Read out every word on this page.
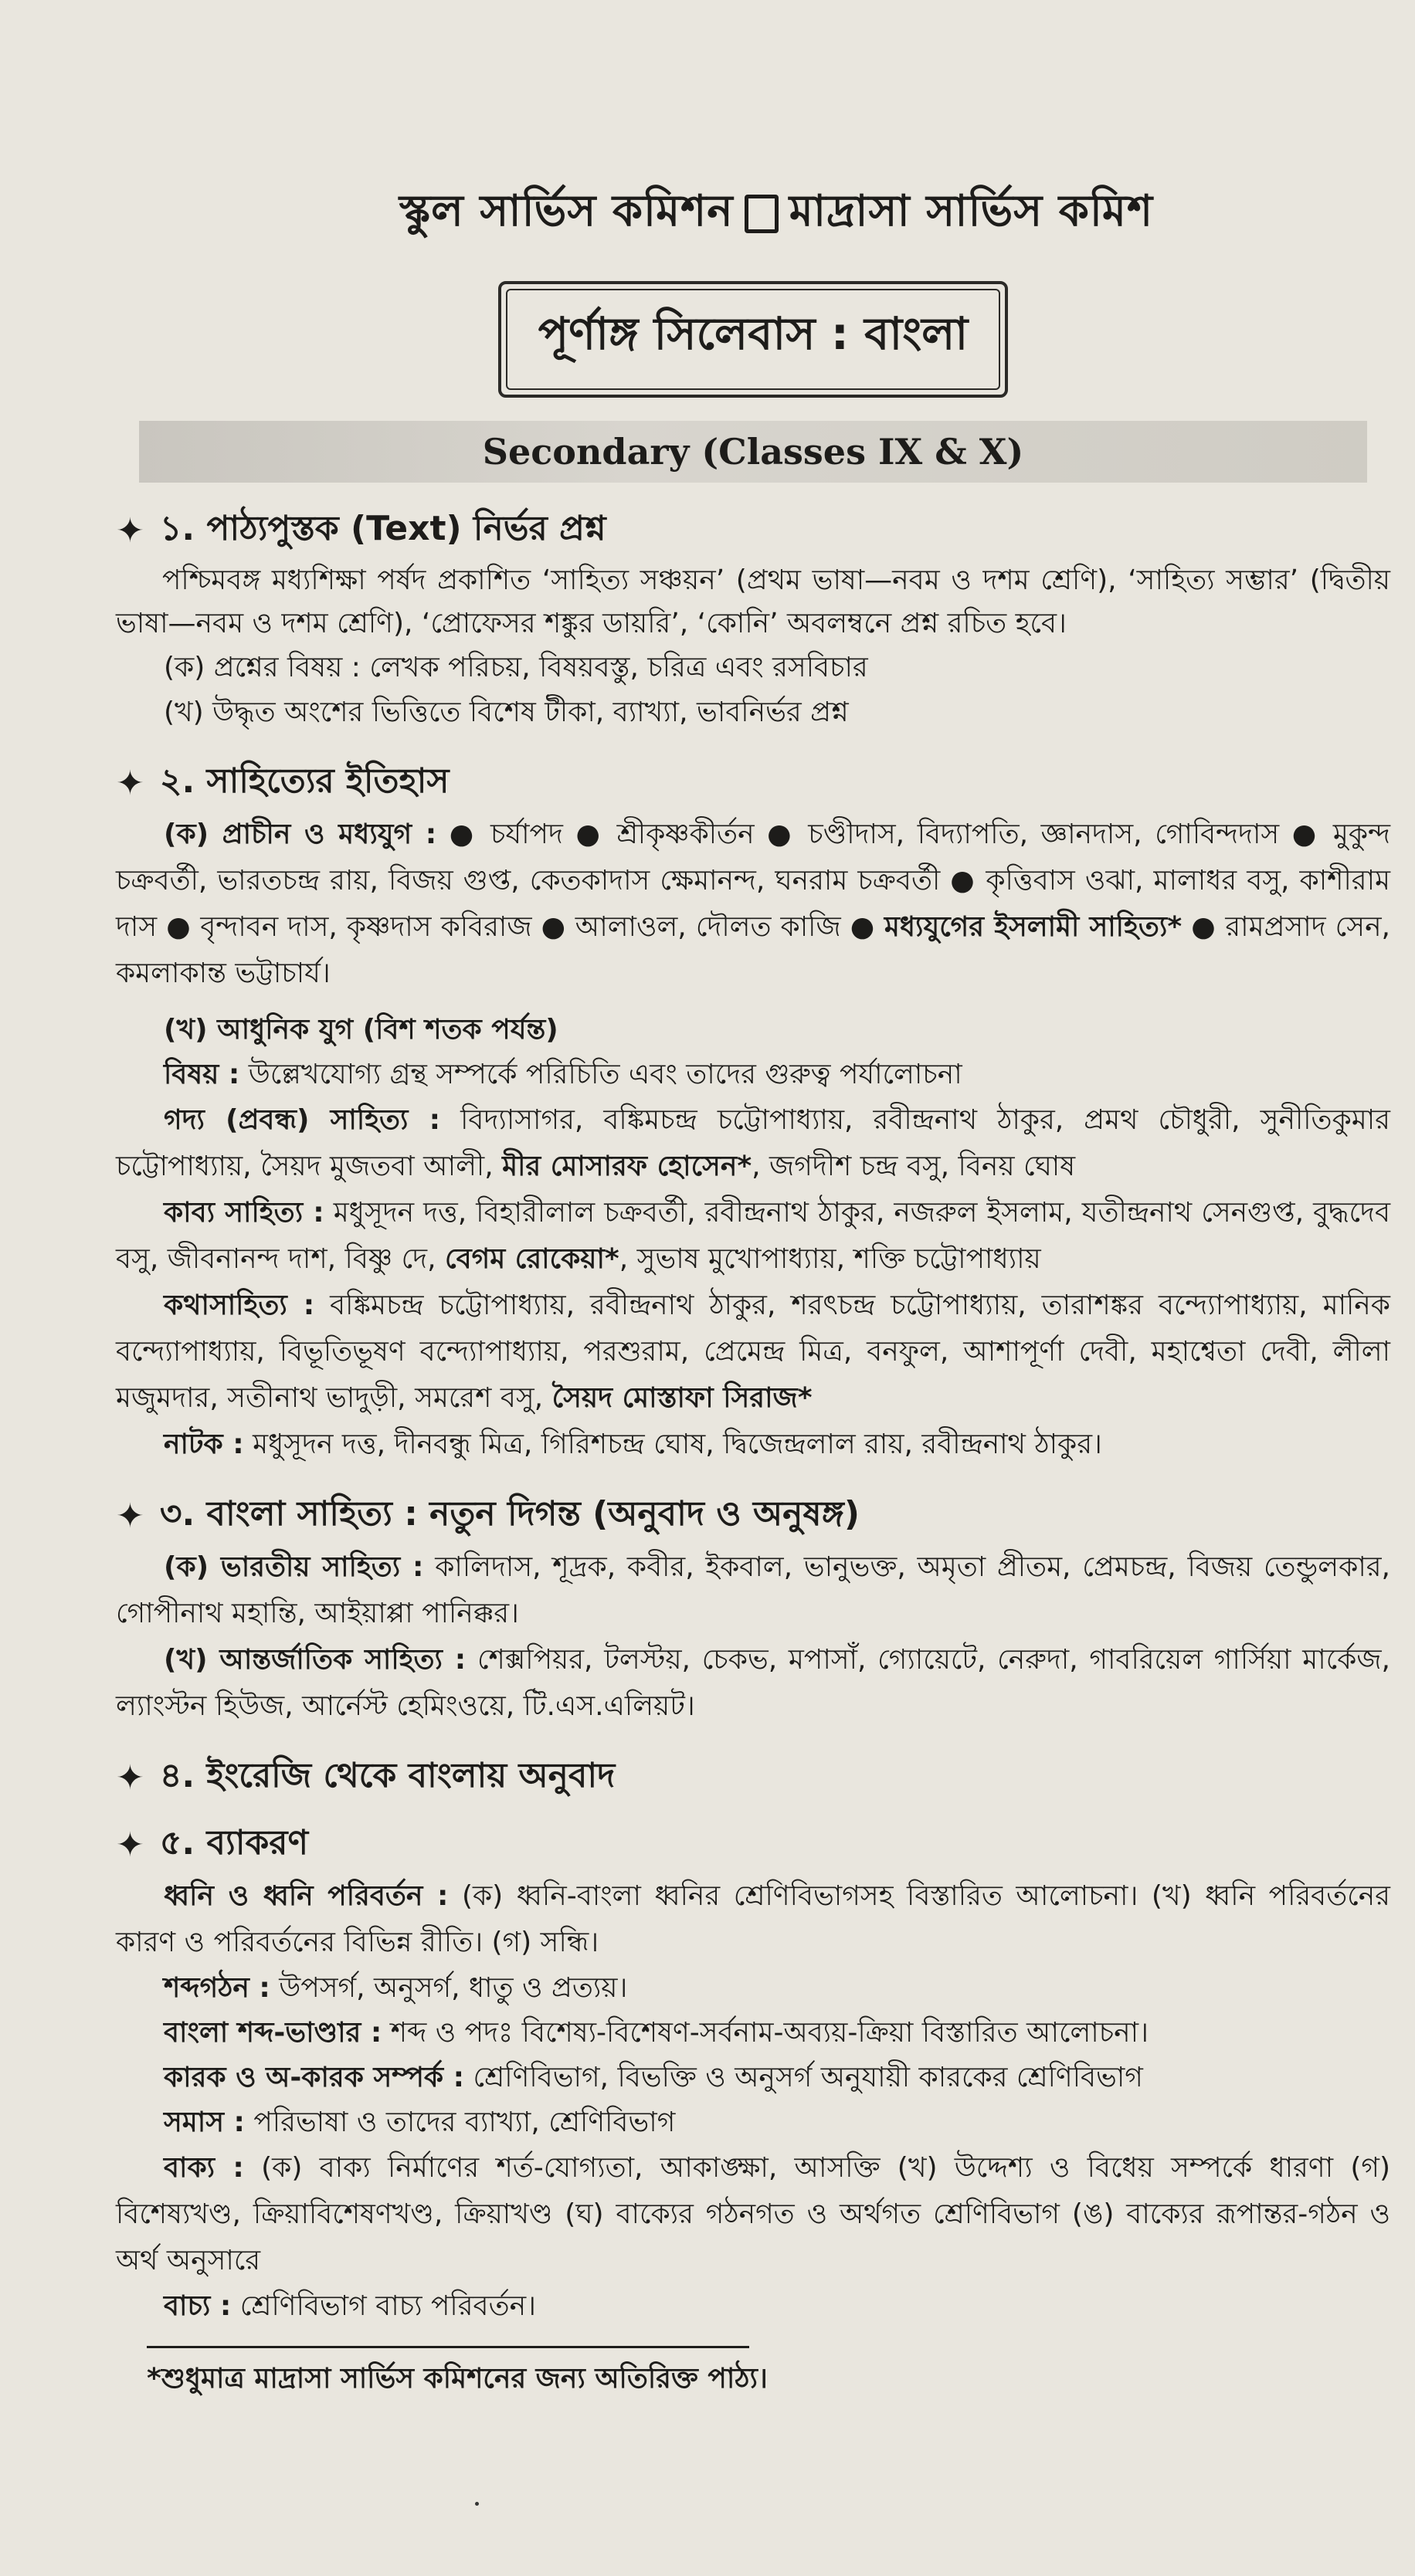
স্কুল সার্ভিস কমিশন মাদ্রাসা সার্ভিস কমিশ
পূর্ণাঙ্গ সিলেবাস : বাংলা
Secondary (Classes IX & X)
✦ ১. পাঠ্যপুস্তক (Text) নির্ভর প্রশ্ন

পশ্চিমবঙ্গ মধ্যশিক্ষা পর্ষদ প্রকাশিত ‘সাহিত্য সঞ্চয়ন’ (প্রথম ভাষা—নবম ও দশম শ্রেণি), ‘সাহিত্য সম্ভার’ (দ্বিতীয় ভাষা—নবম ও দশম শ্রেণি), ‘প্রোফেসর শঙ্কুর ডায়রি’, ‘কোনি’ অবলম্বনে প্রশ্ন রচিত হবে।

(ক) প্রশ্নের বিষয় : লেখক পরিচয়, বিষয়বস্তু, চরিত্র এবং রসবিচার

(খ) উদ্ধৃত অংশের ভিত্তিতে বিশেষ টীকা, ব্যাখ্যা, ভাবনির্ভর প্রশ্ন

✦ ২. সাহিত্যের ইতিহাস

(ক) প্রাচীন ও মধ্যযুগ : ● চর্যাপদ ● শ্রীকৃষ্ণকীর্তন ● চণ্ডীদাস, বিদ্যাপতি, জ্ঞানদাস, গোবিন্দদাস ● মুকুন্দ চক্রবর্তী, ভারতচন্দ্র রায়, বিজয় গুপ্ত, কেতকাদাস ক্ষেমানন্দ, ঘনরাম চক্রবর্তী ● কৃত্তিবাস ওঝা, মালাধর বসু, কাশীরাম দাস ● বৃন্দাবন দাস, কৃষ্ণদাস কবিরাজ ● আলাওল, দৌলত কাজি ● মধ্যযুগের ইসলামী সাহিত্য* ● রামপ্রসাদ সেন, কমলাকান্ত ভট্টাচার্য।

(খ) আধুনিক যুগ (বিশ শতক পর্যন্ত)

বিষয় : উল্লেখযোগ্য গ্রন্থ সম্পর্কে পরিচিতি এবং তাদের গুরুত্ব পর্যালোচনা

গদ্য (প্রবন্ধ) সাহিত্য : বিদ্যাসাগর, বঙ্কিমচন্দ্র চট্টোপাধ্যায়, রবীন্দ্রনাথ ঠাকুর, প্রমথ চৌধুরী, সুনীতিকুমার চট্টোপাধ্যায়, সৈয়দ মুজতবা আলী, মীর মোসারফ হোসেন*, জগদীশ চন্দ্র বসু, বিনয় ঘোষ

কাব্য সাহিত্য : মধুসূদন দত্ত, বিহারীলাল চক্রবর্তী, রবীন্দ্রনাথ ঠাকুর, নজরুল ইসলাম, যতীন্দ্রনাথ সেনগুপ্ত, বুদ্ধদেব বসু, জীবনানন্দ দাশ, বিষ্ণু দে, বেগম রোকেয়া*, সুভাষ মুখোপাধ্যায়, শক্তি চট্টোপাধ্যায়

কথাসাহিত্য : বঙ্কিমচন্দ্র চট্টোপাধ্যায়, রবীন্দ্রনাথ ঠাকুর, শরৎচন্দ্র চট্টোপাধ্যায়, তারাশঙ্কর বন্দ্যোপাধ্যায়, মানিক বন্দ্যোপাধ্যায়, বিভূতিভূষণ বন্দ্যোপাধ্যায়, পরশুরাম, প্রেমেন্দ্র মিত্র, বনফুল, আশাপূর্ণা দেবী, মহাশ্বেতা দেবী, লীলা মজুমদার, সতীনাথ ভাদুড়ী, সমরেশ বসু, সৈয়দ মোস্তাফা সিরাজ*

নাটক : মধুসূদন দত্ত, দীনবন্ধু মিত্র, গিরিশচন্দ্র ঘোষ, দ্বিজেন্দ্রলাল রায়, রবীন্দ্রনাথ ঠাকুর।

✦ ৩. বাংলা সাহিত্য : নতুন দিগন্ত (অনুবাদ ও অনুষঙ্গ)

(ক) ভারতীয় সাহিত্য : কালিদাস, শূদ্রক, কবীর, ইকবাল, ভানুভক্ত, অমৃতা প্রীতম, প্রেমচন্দ্র, বিজয় তেন্ডুলকার, গোপীনাথ মহান্তি, আইয়াপ্পা পানিক্কর।

(খ) আন্তর্জাতিক সাহিত্য : শেক্সপিয়র, টলস্টয়, চেকভ, মপাসাঁ, গ্যোয়েটে, নেরুদা, গাবরিয়েল গার্সিয়া মার্কেজ, ল্যাংস্টন হিউজ, আর্নেস্ট হেমিংওয়ে, টি.এস.এলিয়ট।

✦ ৪. ইংরেজি থেকে বাংলায় অনুবাদ
✦ ৫. ব্যাকরণ

ধ্বনি ও ধ্বনি পরিবর্তন : (ক) ধ্বনি-বাংলা ধ্বনির শ্রেণিবিভাগসহ বিস্তারিত আলোচনা। (খ) ধ্বনি পরিবর্তনের কারণ ও পরিবর্তনের বিভিন্ন রীতি। (গ) সন্ধি।

শব্দগঠন : উপসর্গ, অনুসর্গ, ধাতু ও প্রত্যয়।

বাংলা শব্দ-ভাণ্ডার : শব্দ ও পদঃ বিশেষ্য-বিশেষণ-সর্বনাম-অব্যয়-ক্রিয়া বিস্তারিত আলোচনা।

কারক ও অ-কারক সম্পর্ক : শ্রেণিবিভাগ, বিভক্তি ও অনুসর্গ অনুযায়ী কারকের শ্রেণিবিভাগ

সমাস : পরিভাষা ও তাদের ব্যাখ্যা, শ্রেণিবিভাগ

বাক্য : (ক) বাক্য নির্মাণের শর্ত-যোগ্যতা, আকাঙ্ক্ষা, আসক্তি (খ) উদ্দেশ্য ও বিধেয় সম্পর্কে ধারণা (গ) বিশেষ্যখণ্ড, ক্রিয়াবিশেষণখণ্ড, ক্রিয়াখণ্ড (ঘ) বাক্যের গঠনগত ও অর্থগত শ্রেণিবিভাগ (ঙ) বাক্যের রূপান্তর-গঠন ও অর্থ অনুসারে

বাচ্য : শ্রেণিবিভাগ বাচ্য পরিবর্তন।

*শুধুমাত্র মাদ্রাসা সার্ভিস কমিশনের জন্য অতিরিক্ত পাঠ্য।
